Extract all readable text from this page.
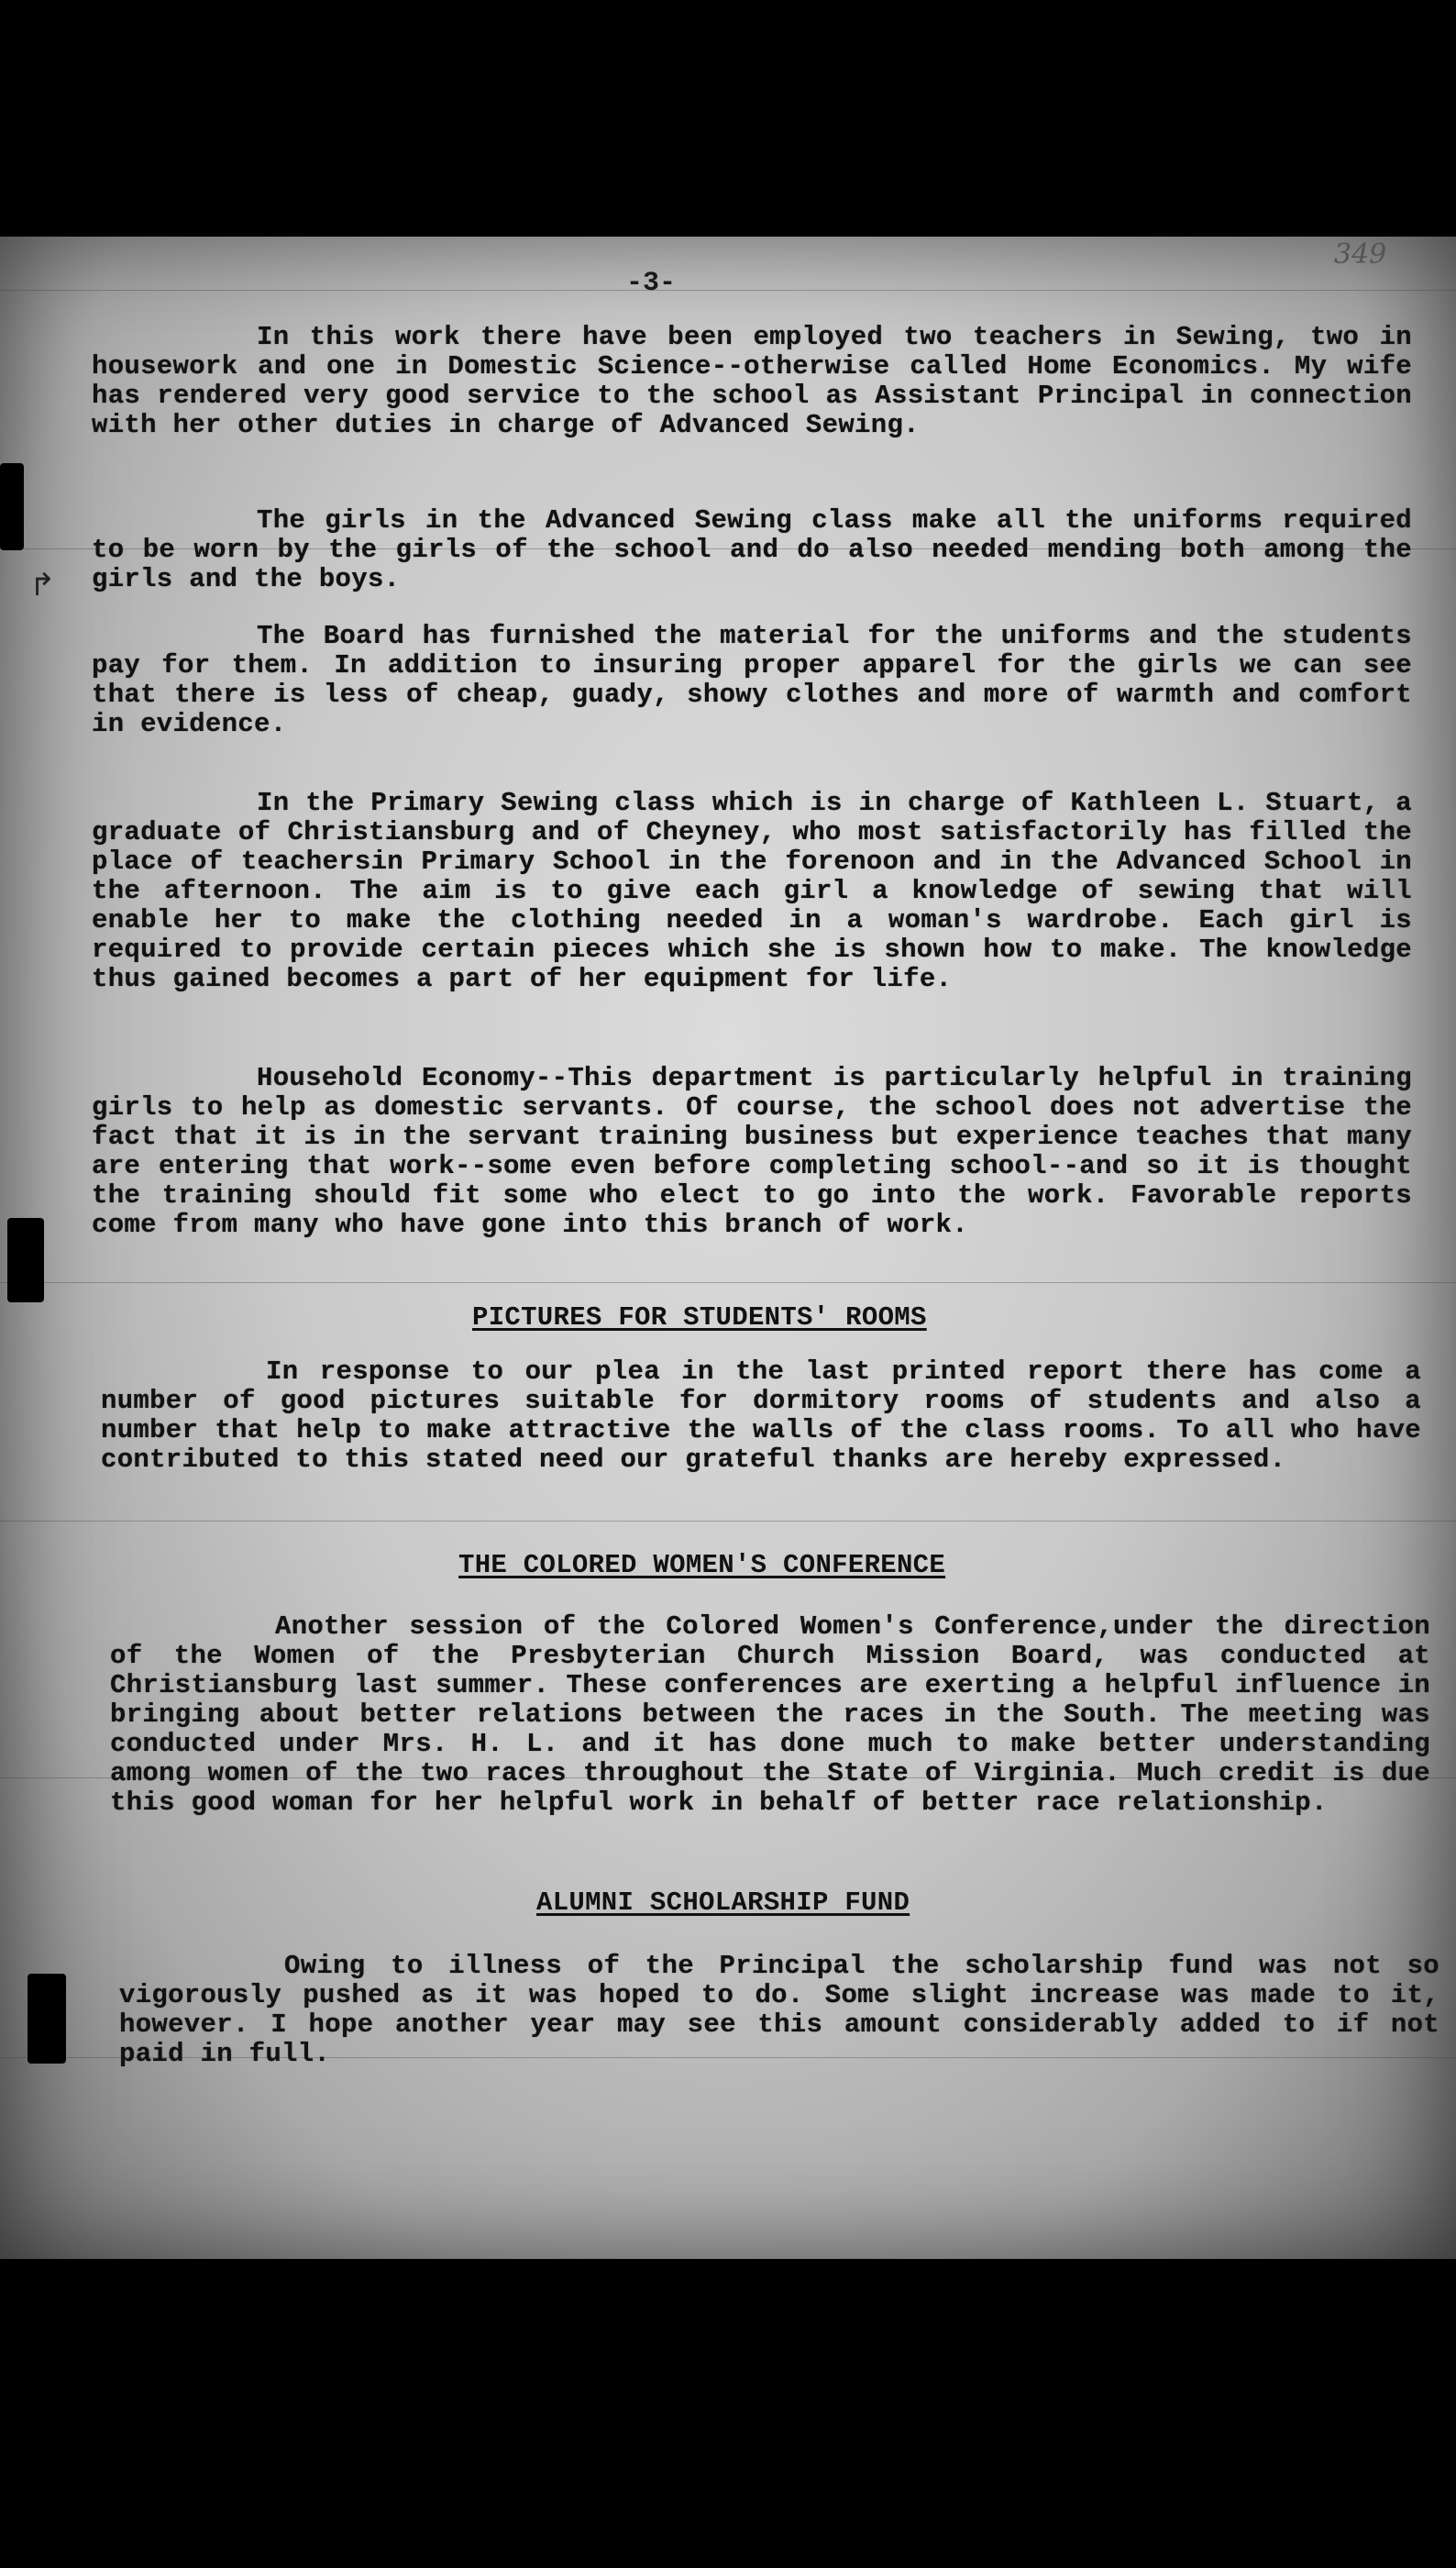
↱
-3-
349

In this work there have been employed two teachers in Sewing, two in housework and one in Domestic Science--otherwise called Home Economics. My wife has rendered very good service to the school as Assistant Principal in connection with her other duties in charge of Advanced Sewing.

The girls in the Advanced Sewing class make all the uniforms required to be worn by the girls of the school and do also needed mending both among the girls and the boys.

The Board has furnished the material for the uniforms and the students pay for them. In addition to insuring proper apparel for the girls we can see that there is less of cheap, guady, showy clothes and more of warmth and comfort in evidence.

In the Primary Sewing class which is in charge of Kathleen L. Stuart, a graduate of Christiansburg and of Cheyney, who most satisfactorily has filled the place of teachersin Primary School in the forenoon and in the Advanced School in the afternoon. The aim is to give each girl a knowledge of sewing that will enable her to make the clothing needed in a woman's wardrobe. Each girl is required to provide certain pieces which she is shown how to make. The knowledge thus gained becomes a part of her equipment for life.

Household Economy--This department is particularly helpful in training girls to help as domestic servants. Of course, the school does not advertise the fact that it is in the servant training business but experience teaches that many are entering that work--some even before completing school--and so it is thought the training should fit some who elect to go into the work. Favorable reports come from many who have gone into this branch of work.

PICTURES FOR STUDENTS' ROOMS

In response to our plea in the last printed report there has come a number of good pictures suitable for dormitory rooms of students and also a number that help to make attractive the walls of the class rooms. To all who have contributed to this stated need our grateful thanks are hereby expressed.

THE COLORED WOMEN'S CONFERENCE

Another session of the Colored Women's Conference,under the direction of the Women of the Presbyterian Church Mission Board, was conducted at Christiansburg last summer. These conferences are exerting a helpful influence in bringing about better relations between the races in the South. The meeting was conducted under Mrs. H. L. and it has done much to make better understanding among women of the two races throughout the State of Virginia. Much credit is due this good woman for her helpful work in behalf of better race relationship.

ALUMNI SCHOLARSHIP FUND

Owing to illness of the Principal the scholarship fund was not so vigorously pushed as it was hoped to do. Some slight increase was made to it, however. I hope another year may see this amount considerably added to if not paid in full.
